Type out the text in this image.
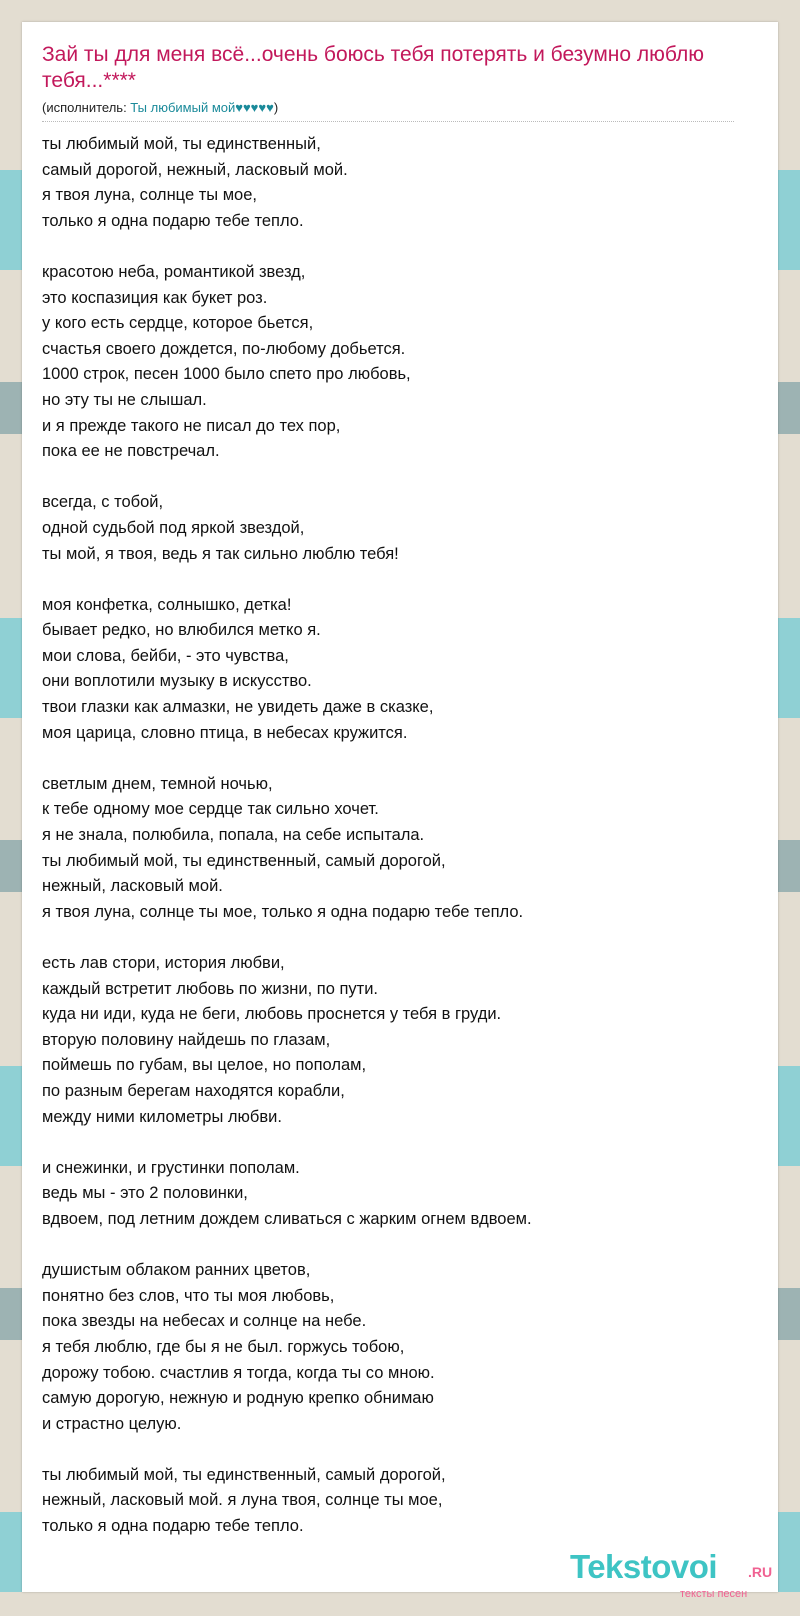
Зай ты для меня всё...очень боюсь тебя потерять и безумно люблю тебя...****
(исполнитель: Ты любимый мой♥♥♥♥♥)
ты любимый мой, ты единственный,
самый дорогой, нежный, ласковый мой.
я твоя луна, солнце ты мое,
только я одна подарю тебе тепло.
красотою неба, романтикой звезд,
это коспазиция как букет роз.
у кого есть сердце, которое бьется,
счастья своего дождется, по-любому добьется.
1000 строк, песен 1000 было спето про любовь,
но эту ты не слышал.
и я прежде такого не писал до тех пор,
пока ее не повстречал.
всегда, с тобой,
одной судьбой под яркой звездой,
ты мой, я твоя, ведь я так сильно люблю тебя!
моя конфетка, солнышко, детка!
бывает редко, но влюбился метко я.
мои слова, бейби, - это чувства,
они воплотили музыку в искусство.
твои глазки как алмазки, не увидеть даже в сказке,
моя царица, словно птица, в небесах кружится.
светлым днем, темной ночью,
к тебе одному мое сердце так сильно хочет.
я не знала, полюбила, попала, на себе испытала.
ты любимый мой, ты единственный, самый дорогой,
нежный, ласковый мой.
я твоя луна, солнце ты мое, только я одна подарю тебе тепло.
есть лав стори, история любви,
каждый встретит любовь по жизни, по пути.
куда ни иди, куда не беги, любовь проснется у тебя в груди.
вторую половину найдешь по глазам,
поймешь по губам, вы целое, но пополам,
по разным берегам находятся корабли,
между ними километры любви.
и снежинки, и грустинки пополам.
ведь мы - это 2 половинки,
вдвоем, под летним дождем сливаться с жарким огнем вдвоем.
душистым облаком ранних цветов,
понятно без слов, что ты моя любовь,
пока звезды на небесах и солнце на небе.
я тебя люблю, где бы я не был. горжусь тобою,
дорожу тобою. счастлив я тогда, когда ты со мною.
самую дорогую, нежную и родную крепко обнимаю
и страстно целую.
ты любимый мой, ты единственный, самый дорогой,
нежный, ласковый мой. я луна твоя, солнце ты мое,
только я одна подарю тебе тепло.
Tekstovoi .RU
тексты песен
